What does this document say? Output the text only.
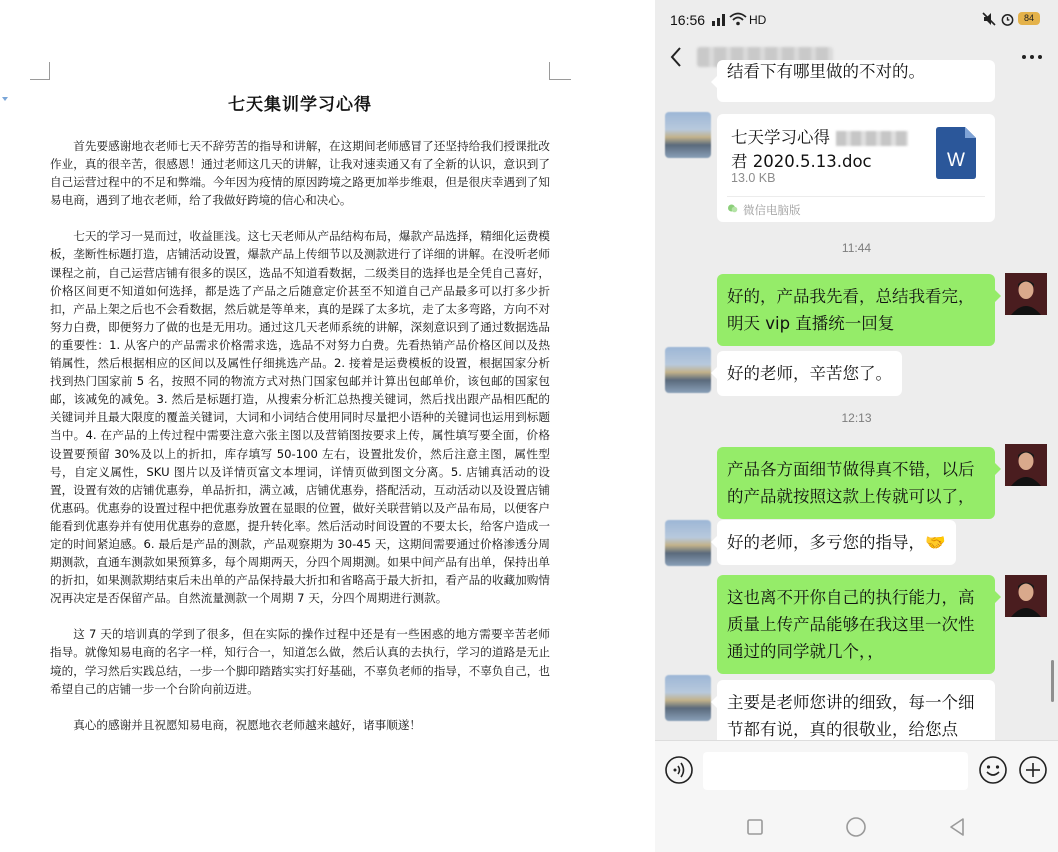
七天集训学习心得

首先要感谢地衣老师七天不辞劳苦的指导和讲解，在这期间老师感冒了还坚持给我们授课批改作业，真的很辛苦，很感恩！通过老师这几天的讲解，让我对速卖通又有了全新的认识，意识到了自己运营过程中的不足和弊端。今年因为疫情的原因跨境之路更加举步维艰，但是很庆幸遇到了知易电商，遇到了地衣老师，给了我做好跨境的信心和决心。

七天的学习一晃而过，收益匪浅。这七天老师从产品结构布局，爆款产品选择，精细化运费模板，垄断性标题打造，店铺活动设置，爆款产品上传细节以及测款进行了详细的讲解。在没听老师课程之前，自己运营店铺有很多的误区，选品不知道看数据，二级类目的选择也是全凭自己喜好，价格区间更不知道如何选择，都是选了产品之后随意定价甚至不知道自己产品最多可以打多少折扣，产品上架之后也不会看数据，然后就是等单来，真的是踩了太多坑，走了太多弯路，方向不对努力白费，即便努力了做的也是无用功。通过这几天老师系统的讲解，深刻意识到了通过数据选品的重要性：1. 从客户的产品需求价格需求选，选品不对努力白费。先看热销产品价格区间以及热销属性，然后根据相应的区间以及属性仔细挑选产品。2. 接着是运费模板的设置，根据国家分析找到热门国家前 5 名，按照不同的物流方式对热门国家包邮并计算出包邮单价，该包邮的国家包邮，该减免的减免。3. 然后是标题打造，从搜索分析汇总热搜关键词，然后找出跟产品相匹配的关键词并且最大限度的覆盖关键词，大词和小词结合使用同时尽量把小语种的关键词也运用到标题当中。4. 在产品的上传过程中需要注意六张主图以及营销图按要求上传，属性填写要全面，价格设置要预留 30%及以上的折扣，库存填写 50-100 左右，设置批发价，然后注意主图，属性型号，自定义属性，SKU 图片以及详情页富文本埋词，详情页做到图文分离。5. 店铺真活动的设置，设置有效的店铺优惠券，单品折扣，满立减，店铺优惠券，搭配活动，互动活动以及设置店铺优惠码。优惠券的设置过程中把优惠券放置在显眼的位置，做好关联营销以及产品布局，以便客户能看到优惠券并有使用优惠券的意愿，提升转化率。然后活动时间设置的不要太长，给客户造成一定的时间紧迫感。6. 最后是产品的测款，产品观察期为 30-45 天，这期间需要通过价格渗透分周期测款，直通车测款如果预算多，每个周期两天，分四个周期测。如果中间产品有出单，保持出单的折扣，如果测款期结束后未出单的产品保持最大折扣和省略高于最大折扣，看产品的收藏加购情况再决定是否保留产品。自然流量测款一个周期 7 天，分四个周期进行测款。

这 7 天的培训真的学到了很多，但在实际的操作过程中还是有一些困惑的地方需要辛苦老师指导。就像知易电商的名字一样，知行合一，知道怎么做，然后认真的去执行，学习的道路是无止境的，学习然后实践总结，一步一个脚印踏踏实实打好基础，不辜负老师的指导，不辜负自己，也希望自己的店铺一步一个台阶向前迈进。

真心的感谢并且祝愿知易电商，祝愿地衣老师越来越好，诸事顺遂！

16:56	HD	84
结看下有哪里做的不对的。
七天学习心得
君 2020.5.13.doc
13.0 KB
W
微信电脑版
11:44
好的，产品我先看，总结我看完，明天 vip 直播统一回复
好的老师，辛苦您了。
12:13
产品各方面细节做得真不错，以后的产品就按照这款上传就可以了，
好的老师，多亏您的指导，🤝
这也离不开你自己的执行能力，高质量上传产品能够在我这里一次性通过的同学就几个，，
主要是老师您讲的细致，每一个细节都有说，真的很敬业，给您点
